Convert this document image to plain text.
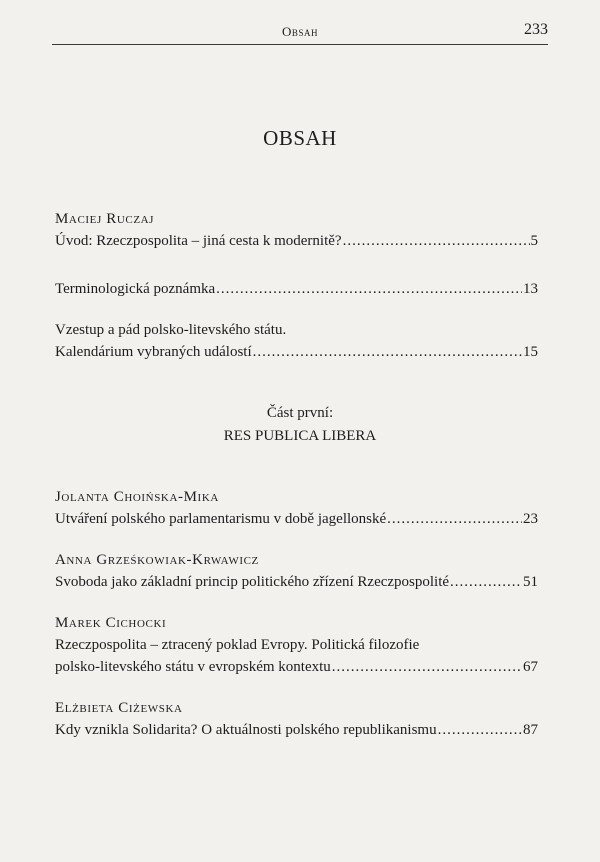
Obsah	233
OBSAH
Maciej Ruczaj
Úvod: Rzeczpospolita – jiná cesta k modernitě? .....	5
Terminologická poznámka .....	13
Vzestup a pád polsko-litevského státu.
Kalendárium vybraných událostí .....	15
Část první:
RES PUBLICA LIBERA
Jolanta Choińska-Mika
Utváření polského parlamentarismu v době jagellonské .....	23
Anna Grześkowiak-Krwawicz
Svoboda jako základní princip politického zřízení Rzeczpospolité .....	51
Marek Cichocki
Rzeczpospolita – ztracený poklad Evropy. Politická filozofie
polsko-litevského státu v evropském kontextu .....	67
Elżbieta Ciżewska
Kdy vznikla Solidarita? O aktuálnosti polského republikanismu .....	87
